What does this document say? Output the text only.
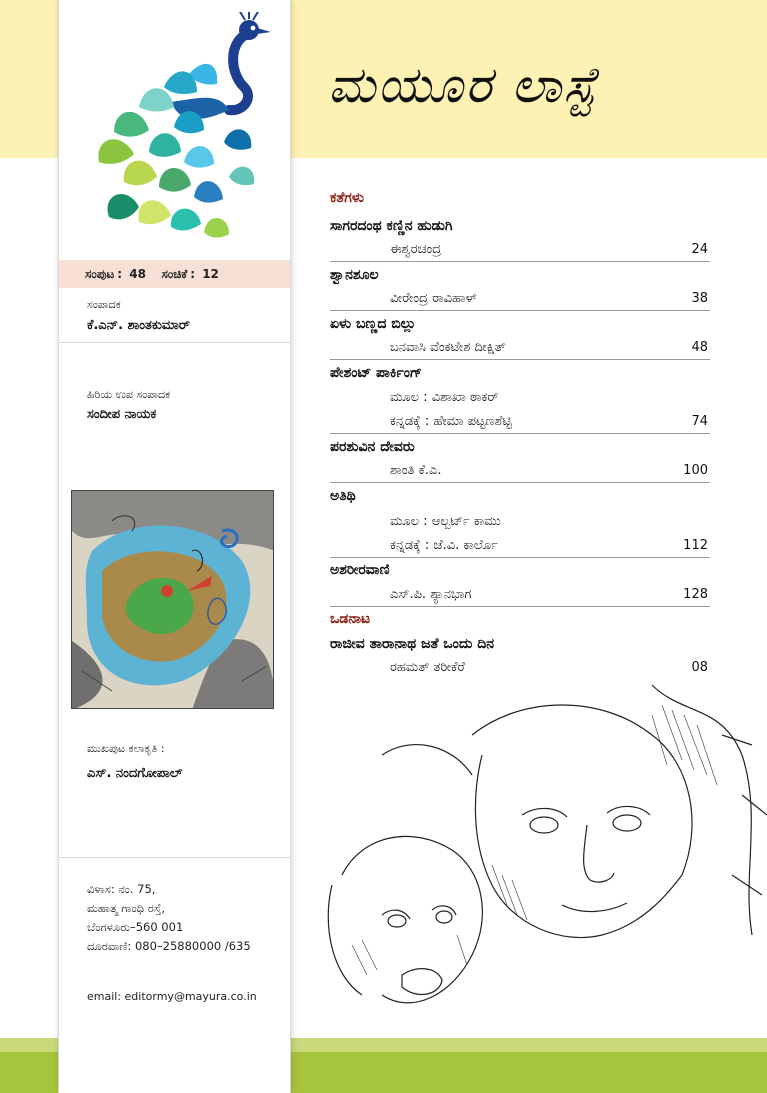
ಸಂಪುಟ : 48 ಸಂಚಿಕೆ : 12
ಸಂಪಾದಕ
ಕೆ.ಎನ್. ಶಾಂತಕುಮಾರ್
ಹಿರಿಯ ಉಪ ಸಂಪಾದಕ
ಸಂದೀಪ ನಾಯಕ
ಮುಖಪುಟ ಕಲಾಕೃತಿ :
ಎಸ್. ನಂದಗೋಪಾಲ್
ವಿಳಾಸ: ನಂ. 75,
ಮಹಾತ್ಮ ಗಾಂಧಿ ರಸ್ತೆ,
ಬೆಂಗಳೂರು–560 001
ದೂರವಾಣಿ: 080–25880000 /635
email: editormy@mayura.co.in
ಮಯೂರ ಲಾಸ್ಟೆ
ಕತೆಗಳು
ಸಾಗರದಂಥ ಕಣ್ಣಿನ ಹುಡುಗಿ
ಈಶ್ವರಚಂದ್ರ	24
ಶ್ವಾನಶೂಲ
ವೀರೇಂದ್ರ ರಾವಿಹಾಳ್	38
ಏಳು ಬಣ್ಣದ ಬಿಲ್ಲು
ಬನವಾಸಿ ವೆಂಕಟೇಶ ದೀಕ್ಷಿತ್	48
ಪೇಶಂಟ್ ಪಾರ್ಕಿಂಗ್
ಮೂಲ : ವಿಶಾಖಾ ಠಾಕರ್
ಕನ್ನಡಕ್ಕೆ : ಹೇಮಾ ಪಟ್ಟಣಶೆಟ್ಟಿ	74
ಪರಶುವಿನ ದೇವರು
ಶಾಂತಿ ಕೆ.ಎ.	100
ಅತಿಥಿ
ಮೂಲ : ಆಲ್ಬರ್ಟ್ ಕಾಮು
ಕನ್ನಡಕ್ಕೆ : ಜೆ.ವಿ. ಕಾರ್ಲೊ	112
ಅಶರೀರವಾಣಿ
ಎಸ್.ಪಿ. ಶ್ಯಾನಭಾಗ	128
ಒಡನಾಟ
ರಾಜೀವ ತಾರಾನಾಥ ಜತೆ ಒಂದು ದಿನ
ರಹಮತ್ ತರೀಕೆರೆ	08
